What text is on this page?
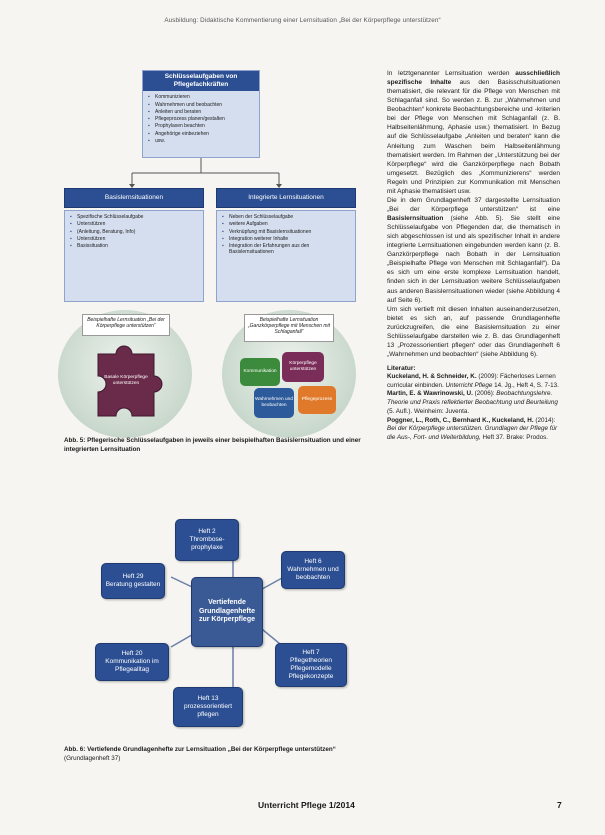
Ausbildung: Didaktische Kommentierung einer Lernsituation „Bei der Körperpflege unterstützen“
Schlüsselaufgaben von Pflegefachkräften
▪ Kommunizieren
▪ Wahrnehmen und beobachten
▪ Anleiten und beraten
▪ Pflegeprozess planen/gestalten
▪ Prophylaxen beachten
▪ Angehörige einbeziehen
▪ usw.
Basislernsituationen	Integrierte Lernsituationen
▪ Spezifische Schlüsselaufgabe
▪ Unterstützen
▪ (Anleitung, Beratung, Info)
▪ Unterstützen
▪ Basissituation
▪ Neben der Schlüsselaufgabe
▪ weitere Aufgaben
▪ Verknüpfung mit Basislernsituationen
▪ Integration weiterer Inhalte
▪ Integration der Erfahrungen aus den Basislernsituationen
Beispielhafte Lernsituation „Bei der Körperpflege unterstützen“
Beispielhafte Lernsituation „Ganzkörperpflege mit Menschen mit Schlaganfall“
Basale Körperpflege unterstützen
Kommunikation
Körperpflege unterstützen
Wahrnehmen und beobachten
Pflegeprozess
Abb. 5: Pflegerische Schlüsselaufgaben in jeweils einer beispielhaften Basislernsituation und einer integrierten Lernsituation
Heft 2
Thrombose-prophylaxe
Heft 6
Wahrnehmen und beobachten
Heft 7
Pflegetheorien Pflegemodelle Pflegekonzepte
Heft 13
prozessorientiert pflegen
Heft 20
Kommunikation im Pflegealltag
Heft 29
Beratung gestalten
Vertiefende Grundlagenhefte zur Körperpflege
Abb. 6: Vertiefende Grundlagenhefte zur Lernsituation „Bei der Körperpflege unterstützen“ (Grundlagenheft 37)

In letztgenannter Lernsituation werden ausschließlich spezifische Inhalte aus den Basisschulsituationen thematisiert, die relevant für die Pflege von Menschen mit Schlaganfall sind. So werden z. B. zur „Wahrnehmen und Beobachten“ konkrete Beobachtungsbereiche und -kriterien bei der Pflege von Menschen mit Schlaganfall (z. B. Halbseitenlähmung, Aphasie usw.) thematisiert. In Bezug auf die Schlüsselaufgabe „Anleiten und beraten“ kann die Anleitung zum Waschen beim Halbseitenlähmung thematisiert werden. Im Rahmen der „Unterstützung bei der Körperpflege“ wird die Ganzkörperpflege nach Bobath umgesetzt. Bezüglich des „Kommunizierens“ werden Regeln und Prinzipien zur Kommunikation mit Menschen mit Aphasie thematisiert usw.

Die in dem Grundlagenheft 37 dargestellte Lernsituation „Bei der Körperpflege unterstützen“ ist eine Basislernsituation (siehe Abb. 5). Sie stellt eine Schlüsselaufgabe von Pflegenden dar, die thematisch in sich abgeschlossen ist und als spezifischer Inhalt in andere integrierte Lernsituationen eingebunden werden kann (z. B. Ganzkörperpflege nach Bobath in der Lernsituation „Beispielhafte Pflege von Menschen mit Schlaganfall“). Da es sich um eine erste komplexe Lernsituation handelt, finden sich in der Lernsituation weitere Schlüsselaufgaben aus anderen Basislernsituationen wieder (siehe Abbildung 4 auf Seite 6).

Um sich vertieft mit diesen Inhalten auseinanderzusetzen, bietet es sich an, auf passende Grundlagenhefte zurückzugreifen, die eine Basislernsituation zu einer Schlüsselaufgabe darstellen wie z. B. das Grundlagenheft 13 „Prozessorientiert pflegen“ oder das Grundlagenheft 6 „Wahrnehmen und beobachten“ (siehe Abbildung 6).

Literatur:

Kuckeland, H. & Schneider, K. (2009): Fächerloses Lernen curricular einbinden. Unterricht Pflege 14. Jg., Heft 4, S. 7-13.

Martin, E. & Wawrinowski, U. (2006): Beobachtungslehre. Theorie und Praxis reflektierter Beobachtung und Beurteilung (5. Aufl.). Weinheim: Juventa.

Poggner, L., Roth, C., Bernhard K., Kuckeland, H. (2014): Bei der Körperpflege unterstützen. Grundlagen der Pflege für die Aus-, Fort- und Weiterbildung, Heft 37. Brake: Prodos.

Unterricht Pflege 1/2014	7
